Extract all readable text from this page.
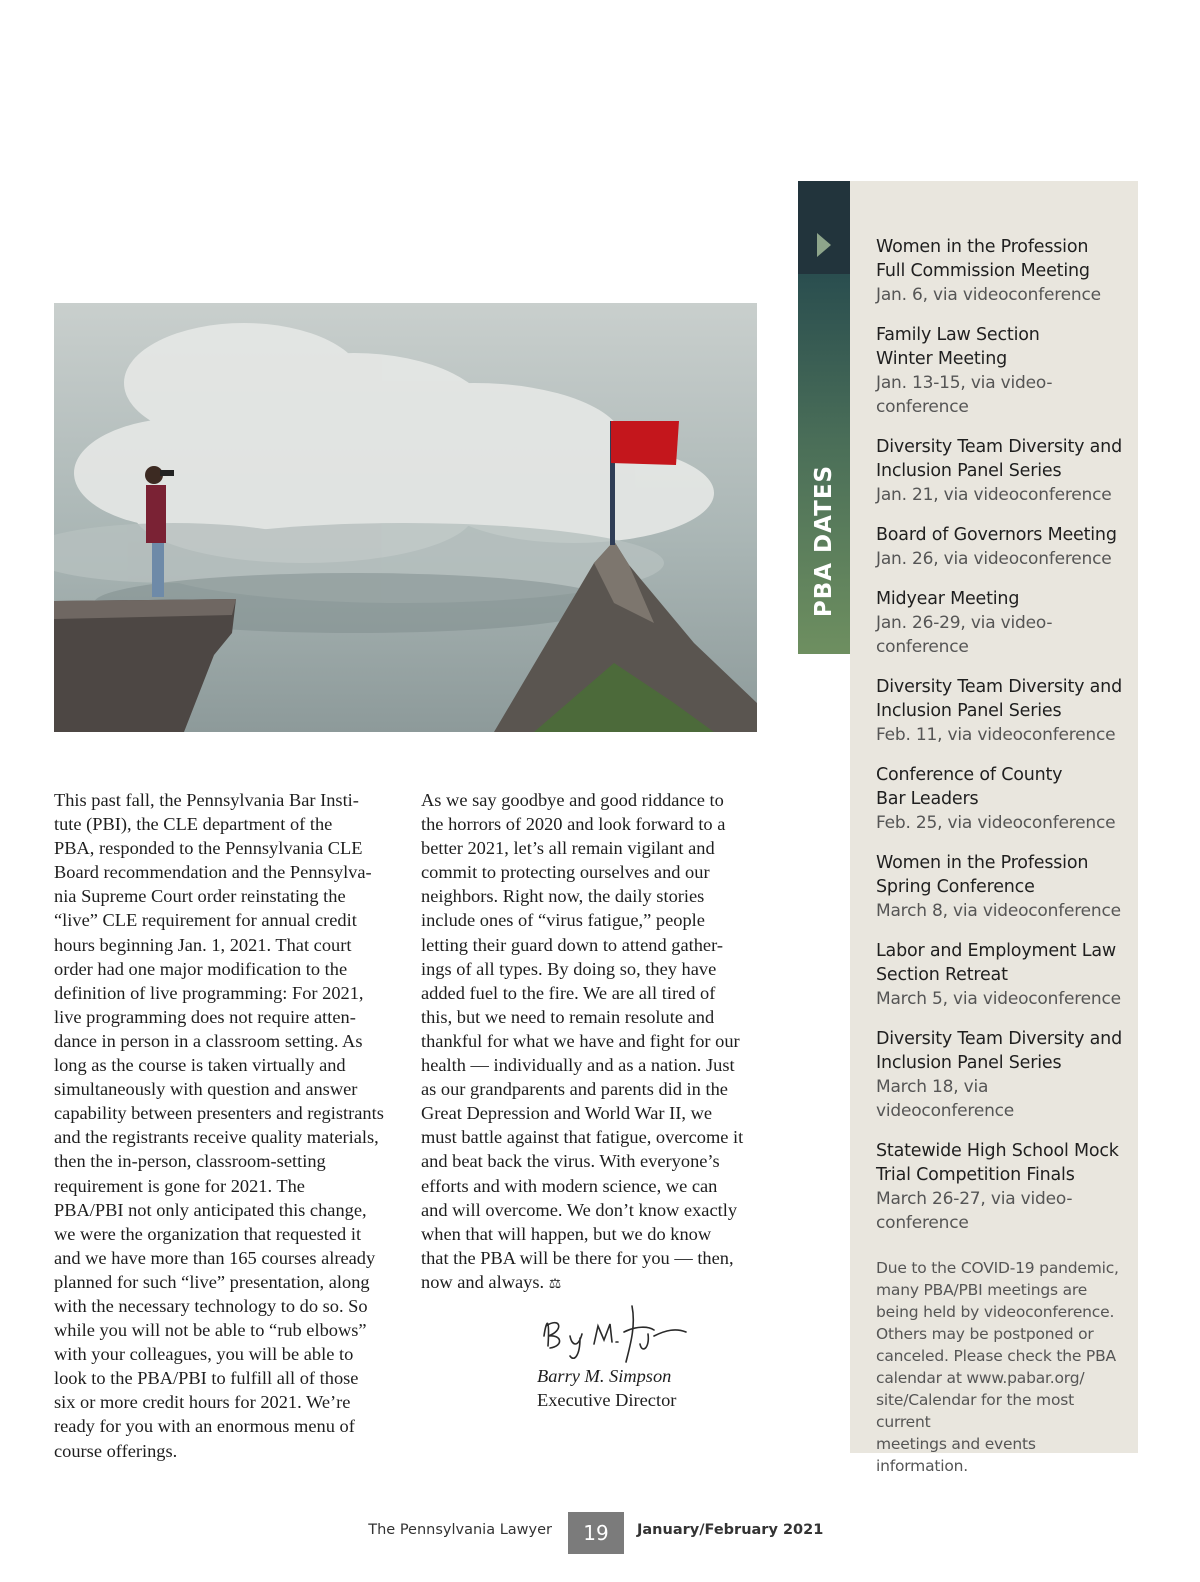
PBA DATES
Women in the Profession
Full Commission Meeting
Jan. 6, via videoconference
Family Law Section
Winter Meeting
Jan. 13-15, via video-
conference
Diversity Team Diversity and
Inclusion Panel Series
Jan. 21, via videoconference
Board of Governors Meeting
Jan. 26, via videoconference
Midyear Meeting
Jan. 26-29, via video-
conference
Diversity Team Diversity and
Inclusion Panel Series
Feb. 11, via videoconference
Conference of County
Bar Leaders
Feb. 25, via videoconference
Women in the Profession
Spring Conference
March 8, via videoconference
Labor and Employment Law
Section Retreat
March 5, via videoconference
Diversity Team Diversity and
Inclusion Panel Series
March 18, via videoconference
Statewide High School Mock
Trial Competition Finals
March 26-27, via video-
conference
Due to the COVID-19 pandemic,
many PBA/PBI meetings are
being held by videoconference.
Others may be postponed or
canceled. Please check the PBA
calendar at www.pabar.org/
site/Calendar for the most current
meetings and events information.
This past fall, the Pennsylvania Bar Insti-
tute (PBI), the CLE department of the
PBA, responded to the Pennsylvania CLE
Board recommendation and the Pennsylva-
nia Supreme Court order reinstating the
“live” CLE requirement for annual credit
hours beginning Jan. 1, 2021. That court
order had one major modification to the
definition of live programming: For 2021,
live programming does not require atten-
dance in person in a classroom setting. As
long as the course is taken virtually and
simultaneously with question and answer
capability between presenters and registrants
and the registrants receive quality materials,
then the in-person, classroom-setting
requirement is gone for 2021. The
PBA/PBI not only anticipated this change,
we were the organization that requested it
and we have more than 165 courses already
planned for such “live” presentation, along
with the necessary technology to do so. So
while you will not be able to “rub elbows”
with your colleagues, you will be able to
look to the PBA/PBI to fulfill all of those
six or more credit hours for 2021. We’re
ready for you with an enormous menu of
course offerings.
As we say goodbye and good riddance to
the horrors of 2020 and look forward to a
better 2021, let’s all remain vigilant and
commit to protecting ourselves and our
neighbors. Right now, the daily stories
include ones of “virus fatigue,” people
letting their guard down to attend gather-
ings of all types. By doing so, they have
added fuel to the fire. We are all tired of
this, but we need to remain resolute and
thankful for what we have and fight for our
health — individually and as a nation. Just
as our grandparents and parents did in the
Great Depression and World War II, we
must battle against that fatigue, overcome it
and beat back the virus. With everyone’s
efforts and with modern science, we can
and will overcome. We don’t know exactly
when that will happen, but we do know
that the PBA will be there for you — then,
now and always. ⚖
Barry M. Simpson
Executive Director
The Pennsylvania Lawyer	19	January/February 2021
